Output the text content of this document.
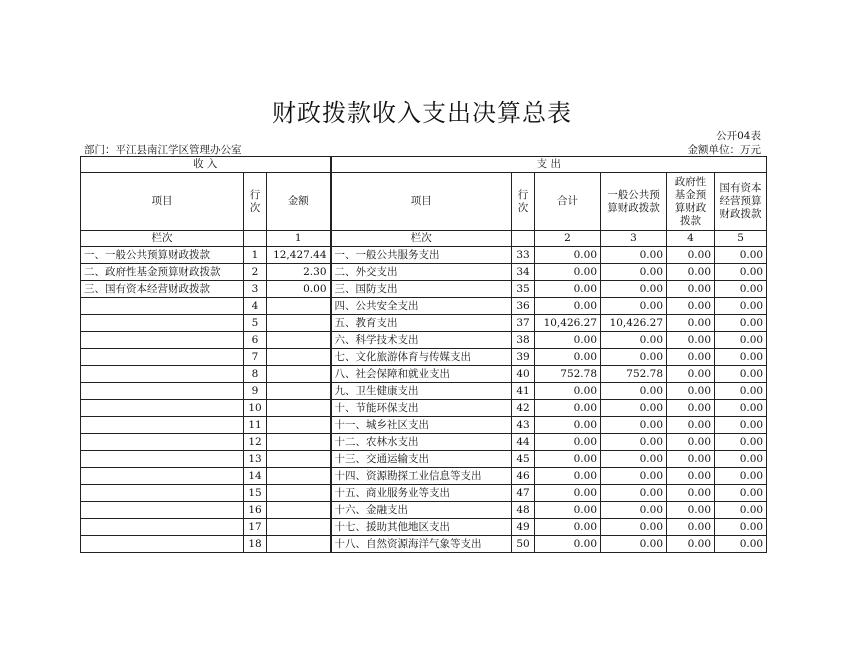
财政拨款收入支出决算总表
公开04表
部门：平江县南江学区管理办公室	金额单位：万元
收 入			支 出					
项目	行次	金额	项目	行次	合计	一般公共预算财政拨款	政府性基金预算财政拨款	国有资本经营预算财政拨款
栏次		1	栏次		2	3	4	5
一、一般公共预算财政拨款	1	12,427.44	一、一般公共服务支出	33	0.00	0.00	0.00	0.00
二、政府性基金预算财政拨款	2	2.30	二、外交支出	34	0.00	0.00	0.00	0.00
三、国有资本经营财政拨款	3	0.00	三、国防支出	35	0.00	0.00	0.00	0.00
	4		四、公共安全支出	36	0.00	0.00	0.00	0.00
	5		五、教育支出	37	10,426.27	10,426.27	0.00	0.00
	6		六、科学技术支出	38	0.00	0.00	0.00	0.00
	7		七、文化旅游体育与传媒支出	39	0.00	0.00	0.00	0.00
	8		八、社会保障和就业支出	40	752.78	752.78	0.00	0.00
	9		九、卫生健康支出	41	0.00	0.00	0.00	0.00
	10		十、节能环保支出	42	0.00	0.00	0.00	0.00
	11		十一、城乡社区支出	43	0.00	0.00	0.00	0.00
	12		十二、农林水支出	44	0.00	0.00	0.00	0.00
	13		十三、交通运输支出	45	0.00	0.00	0.00	0.00
	14		十四、资源勘探工业信息等支出	46	0.00	0.00	0.00	0.00
	15		十五、商业服务业等支出	47	0.00	0.00	0.00	0.00
	16		十六、金融支出	48	0.00	0.00	0.00	0.00
	17		十七、援助其他地区支出	49	0.00	0.00	0.00	0.00
	18		十八、自然资源海洋气象等支出	50	0.00	0.00	0.00	0.00
